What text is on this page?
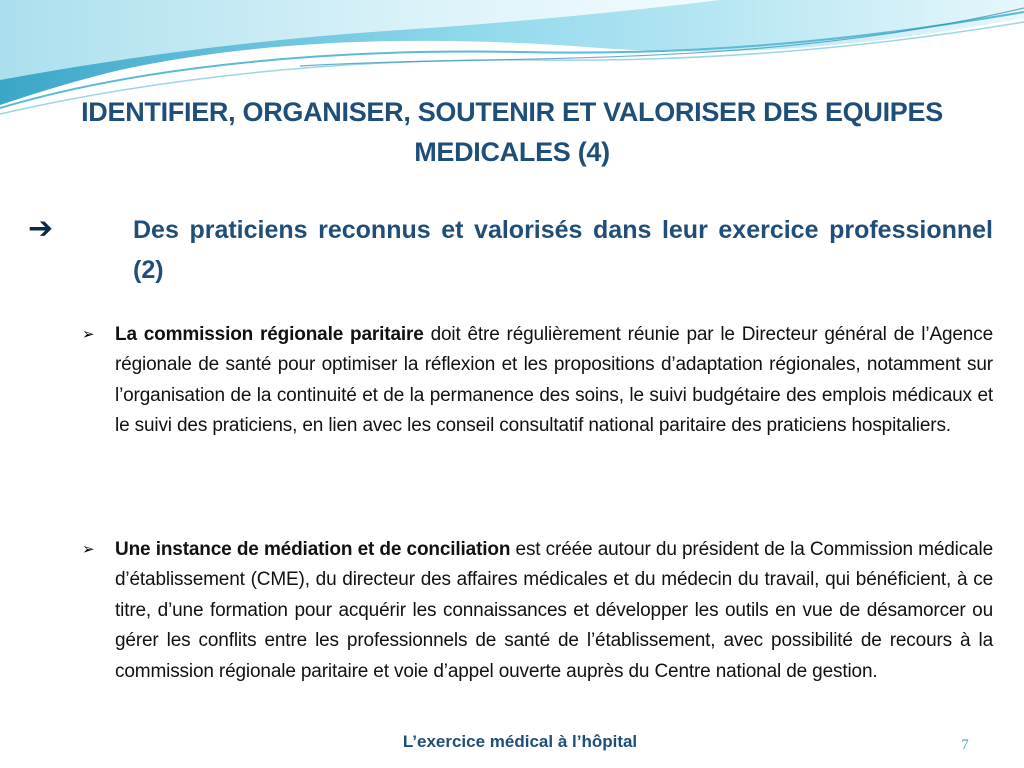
IDENTIFIER, ORGANISER, SOUTENIR ET VALORISER DES EQUIPES
MEDICALES (4)
➔	Des praticiens reconnus et valorisés dans leur exercice professionnel (2)
➢	La commission régionale paritaire doit être régulièrement réunie par le Directeur général de l’Agence régionale de santé pour optimiser la réflexion et les propositions d’adaptation régionales, notamment sur l’organisation de la continuité et de la permanence des soins, le suivi budgétaire des emplois médicaux et le suivi des praticiens, en lien avec les conseil consultatif national paritaire des praticiens hospitaliers.
➢	Une instance de médiation et de conciliation est créée autour du président de la Commission médicale d’établissement (CME), du directeur des affaires médicales et du médecin du travail, qui bénéficient, à ce titre, d’une formation pour acquérir les connaissances et développer les outils en vue de désamorcer ou gérer les conflits entre les professionnels de santé de l’établissement, avec possibilité de recours à la commission régionale paritaire et voie d’appel ouverte auprès du Centre national de gestion.
L’exercice médical à l’hôpital	7
